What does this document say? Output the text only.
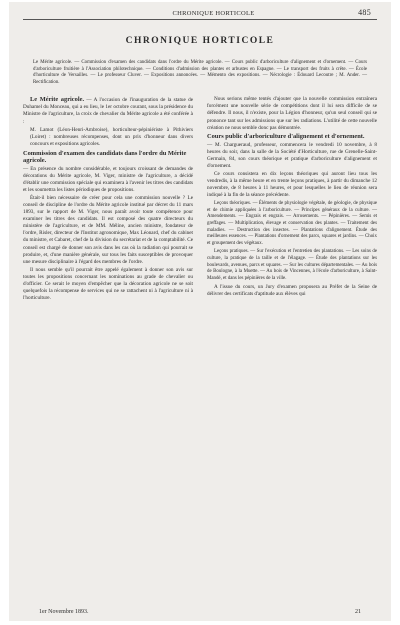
CHRONIQUE HORTICOLE	485
CHRONIQUE HORTICOLE

Le Mérite agricole. — Commission d'examen des candidats dans l'ordre du Mérite agricole. — Cours public d'arboriculture d'alignement et d'ornement. — Cours d'arboriculture fruitière à l'Association philotechnique. — Conditions d'admission des plantes et arbustes en Espagne. — Le transport des fruits à crête. — École d'horticulture de Versailles. — Le professeur Cluver. — Expositions annoncées. — Mémento des expositions. — Nécrologie : Édouard Lecoutre ; M. Ander. — Rectification.

Le Mérite agricole. — A l'occasion de l'inauguration de la statue de Duhamel du Monceau, qui a eu lieu, le 1er octobre courant, sous la présidence du Ministre de l'agriculture, la croix de chevalier du Mérite agricole a été conférée à :

M. Lamot (Léon-Henri-Ambroise), horticulteur-pépiniériste à Pithiviers (Loiret) : nombreuses récompenses, dont un prix d'honneur dans divers concours et expositions agricoles.

Commission d'examen des candidats dans l'ordre du Mérite agricole.

— En présence du nombre considérable, et toujours croissant de demandes de décorations du Mérite agricole, M. Viger, ministre de l'agriculture, a décidé d'établir une commission spéciale qui examinera à l'avenir les titres des candidats et les soumettra les listes périodiques de propositions.

Était-il bien nécessaire de créer pour cela une commission nouvelle ? Le conseil de discipline de l'ordre du Mérite agricole institué par décret du 11 mars 1893, sur le rapport de M. Viger, nous paraît avoir toute compétence pour examiner les titres des candidats. Il est composé des quatre directeurs du ministère de l'agriculture, et de MM. Méline, ancien ministre, fondateur de l'ordre, Risler, directeur de l'Institut agronomique, Max Léonard, chef du cabinet du ministre, et Cabaret, chef de la division du secrétariat et de la comptabilité. Ce conseil est chargé de donner son avis dans les cas où la radiation qui pourrait se produire, et, d'une manière générale, sur tous les faits susceptibles de provoquer une mesure disciplinaire à l'égard des membres de l'ordre.

Il nous semble qu'il pourrait être appelé également à donner son avis sur toutes les propositions concernant les nominations au grade de chevalier ou d'officier. Ce serait le moyen d'empêcher que la décoration agricole ne se soit quelquefois la récompense de services qui ne se rattachent ni à l'agriculture ni à l'horticulture.

Nous serions même tentés d'ajouter que la nouvelle commission entraînera forcément une nouvelle série de compétitions dont il lui sera difficile de se défendre. Il nous, il n'existe, pour la Légion d'honneur, qu'un seul conseil qui se prononce tant sur les admissions que sur les radiations. L'utilité de cette nouvelle création ne nous semble donc pas démontrée.

Cours public d'arboriculture d'alignement et d'ornement.

— M. Chargueraud, professeur, commencera le vendredi 10 novembre, à 8 heures du soir, dans la salle de la Société d'Horticulture, rue de Grenelle-Saint-Germain, 84, son cours théorique et pratique d'arboriculture d'alignement et d'ornement.

Ce cours consistera en dix leçons théoriques qui auront lieu tous les vendredis, à la même heure et en trente leçons pratiques, à partir du dimanche 12 novembre, de 8 heures à 11 heures, et pour lesquelles le lieu de réunion sera indiqué à la fin de la séance précédente.

Leçons théoriques. — Éléments de physiologie végétale, de géologie, de physique et de chimie appliquées à l'arboriculture. — Principes généraux de la culture. — Amendements. — Engrais et engrais. — Arrosements. — Pépinières. — Semis et greffages. — Multiplication, élevage et conservation des plantes. — Traitement des maladies. — Destruction des insectes. — Plantations d'alignement. Étude des meilleures essences. — Plantations d'ornement des parcs, squares et jardins. — Choix et groupement des végétaux.

Leçons pratiques. — Sur l'exécution et l'entretien des plantations. — Les soins de culture, la pratique de la taille et de l'élagage. — Étude des plantations sur les boulevards, avenues, parcs et squares. — Sur les cultures départementales. — Au bois de Boulogne, à la Muette. — Au bois de Vincennes, à l'école d'arboriculture, à Saint-Mandé, et dans les pépinières de la ville.

A l'issue du cours, un Jury d'examen proposera au Préfet de la Seine de délivrer des certificats d'aptitude aux élèves qui

1er Novembre 1893.	21
